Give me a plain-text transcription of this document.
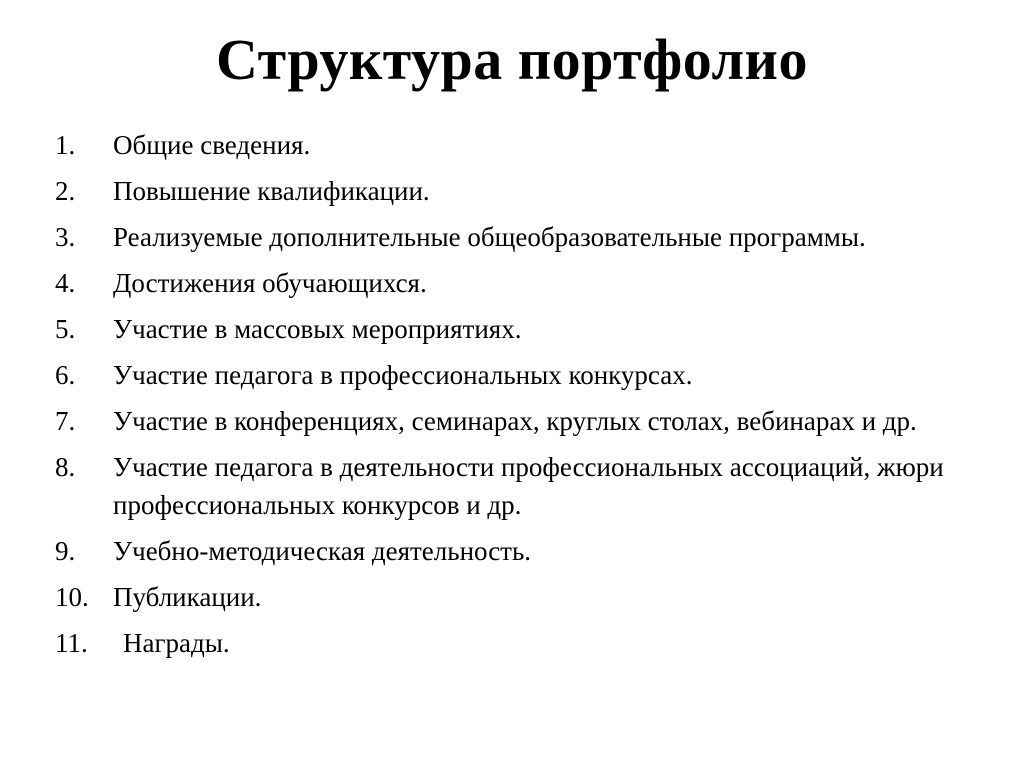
Структура портфолио
1. Общие сведения.
2. Повышение квалификации.
3. Реализуемые дополнительные общеобразовательные программы.
4. Достижения обучающихся.
5. Участие в массовых мероприятиях.
6. Участие педагога в профессиональных конкурсах.
7. Участие в конференциях, семинарах, круглых столах, вебинарах и др.
8. Участие педагога в деятельности профессиональных ассоциаций, жюри профессиональных конкурсов и др.
9. Учебно-методическая деятельность.
10. Публикации.
11. Награды.
